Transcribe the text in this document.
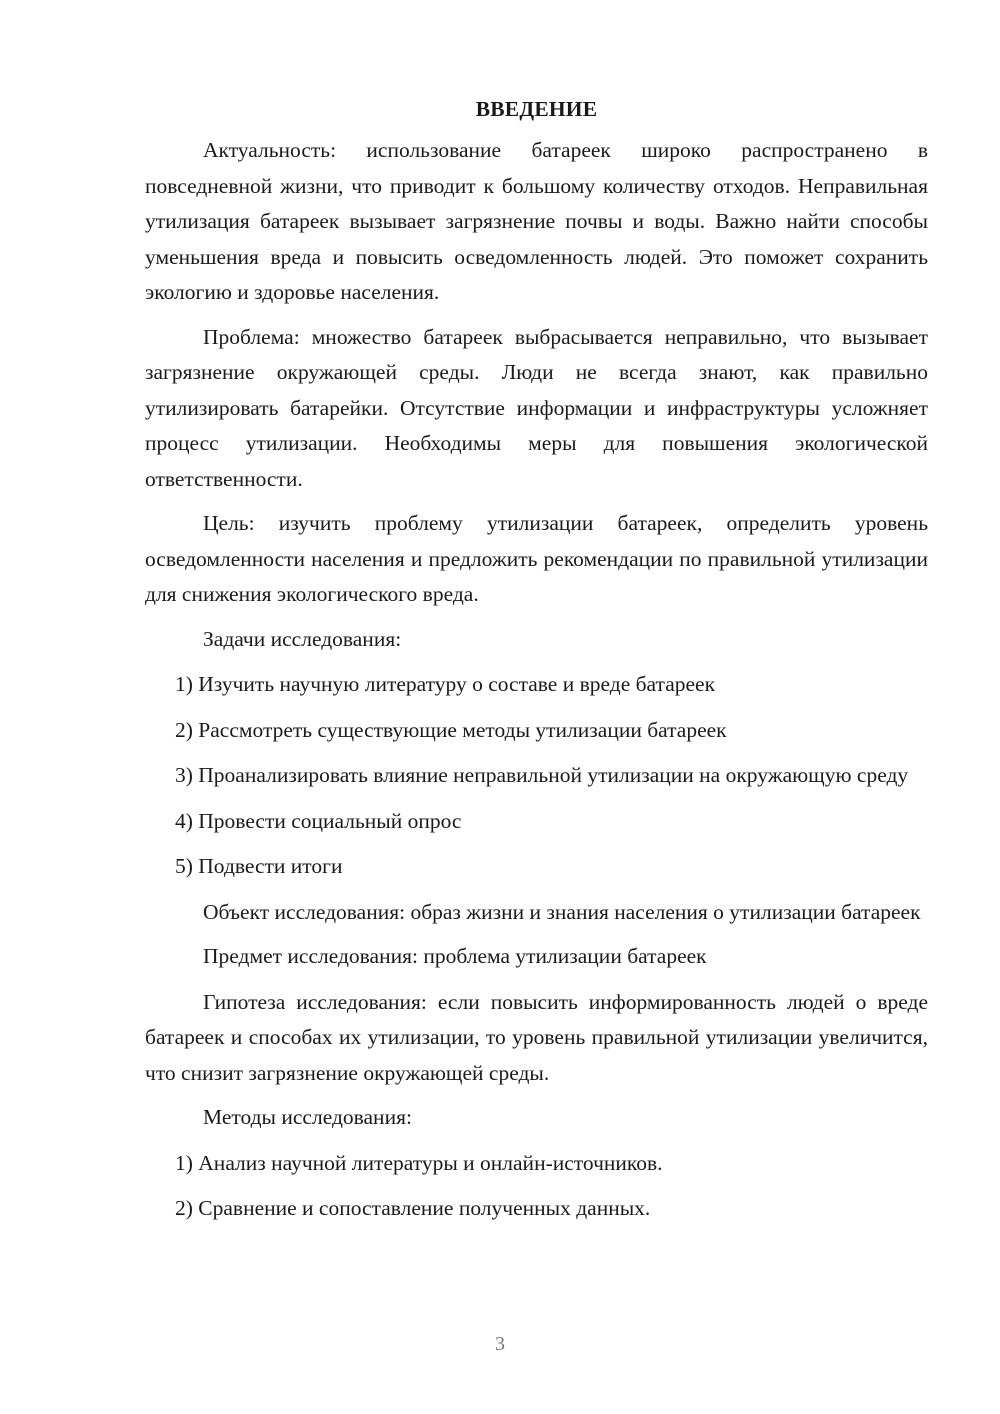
ВВЕДЕНИЕ

Актуальность: использование батареек широко распространено в повседневной жизни, что приводит к большому количеству отходов. Неправильная утилизация батареек вызывает загрязнение почвы и воды. Важно найти способы уменьшения вреда и повысить осведомленность людей. Это поможет сохранить экологию и здоровье населения.

Проблема: множество батареек выбрасывается неправильно, что вызывает загрязнение окружающей среды. Люди не всегда знают, как правильно утилизировать батарейки. Отсутствие информации и инфраструктуры усложняет процесс утилизации. Необходимы меры для повышения экологической ответственности.

Цель: изучить проблему утилизации батареек, определить уровень осведомленности населения и предложить рекомендации по правильной утилизации для снижения экологического вреда.

Задачи исследования:

1) Изучить научную литературу о составе и вреде батареек

2) Рассмотреть существующие методы утилизации батареек

3) Проанализировать влияние неправильной утилизации на окружающую среду

4) Провести социальный опрос

5) Подвести итоги

Объект исследования: образ жизни и знания населения о утилизации батареек

Предмет исследования: проблема утилизации батареек

Гипотеза исследования: если повысить информированность людей о вреде батареек и способах их утилизации, то уровень правильной утилизации увеличится, что снизит загрязнение окружающей среды.

Методы исследования:

1) Анализ научной литературы и онлайн-источников.

2) Сравнение и сопоставление полученных данных.

3
